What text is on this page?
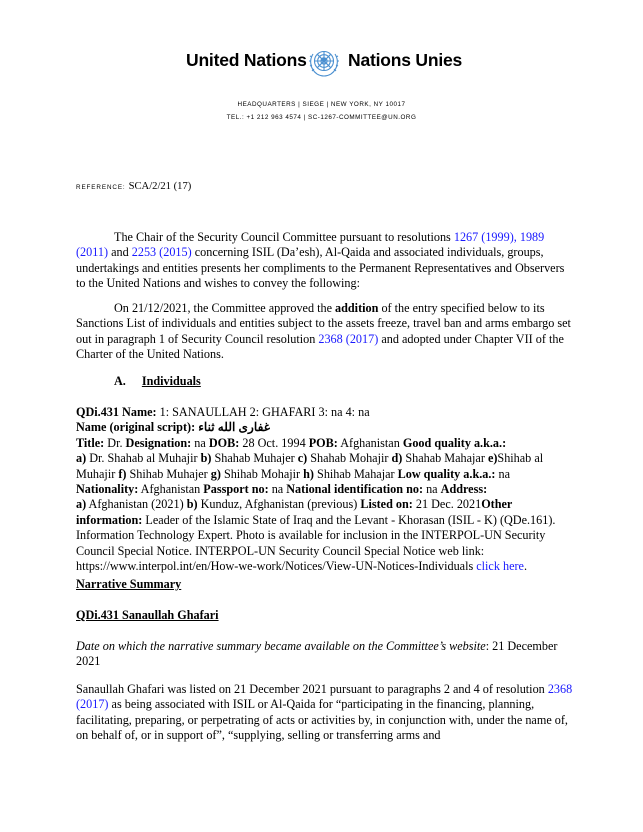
United Nations Nations Unies
HEADQUARTERS | SIEGE | NEW YORK, NY 10017
TEL.: +1 212 963 4574 | SC-1267-COMMITTEE@UN.ORG
REFERENCE: SCA/2/21 (17)
The Chair of the Security Council Committee pursuant to resolutions 1267 (1999), 1989 (2011) and 2253 (2015) concerning ISIL (Da’esh), Al-Qaida and associated individuals, groups, undertakings and entities presents her compliments to the Permanent Representatives and Observers to the United Nations and wishes to convey the following:
On 21/12/2021, the Committee approved the addition of the entry specified below to its Sanctions List of individuals and entities subject to the assets freeze, travel ban and arms embargo set out in paragraph 1 of Security Council resolution 2368 (2017) and adopted under Chapter VII of the Charter of the United Nations.
A. Individuals
QDi.431 Name: 1: SANAULLAH 2: GHAFARI 3: na 4: na
Name (original script): غفاری الله ثناء
Title: Dr. Designation: na DOB: 28 Oct. 1994 POB: Afghanistan Good quality a.k.a.:
a) Dr. Shahab al Muhajir b) Shahab Muhajer c) Shahab Mohajir d) Shahab Mahajar e)Shihab al Muhajir f) Shihab Muhajer g) Shihab Mohajir h) Shihab Mahajar Low quality a.k.a.: na
Nationality: Afghanistan Passport no: na National identification no: na Address:
a) Afghanistan (2021) b) Kunduz, Afghanistan (previous) Listed on: 21 Dec. 2021Other information: Leader of the Islamic State of Iraq and the Levant - Khorasan (ISIL - K) (QDe.161). Information Technology Expert. Photo is available for inclusion in the INTERPOL-UN Security Council Special Notice. INTERPOL-UN Security Council Special Notice web link: https://www.interpol.int/en/How-we-work/Notices/View-UN-Notices-Individuals click here.
Narrative Summary
QDi.431 Sanaullah Ghafari
Date on which the narrative summary became available on the Committee’s website: 21 December 2021
Sanaullah Ghafari was listed on 21 December 2021 pursuant to paragraphs 2 and 4 of resolution 2368 (2017) as being associated with ISIL or Al-Qaida for “participating in the financing, planning, facilitating, preparing, or perpetrating of acts or activities by, in conjunction with, under the name of, on behalf of, or in support of”, “supplying, selling or transferring arms and
